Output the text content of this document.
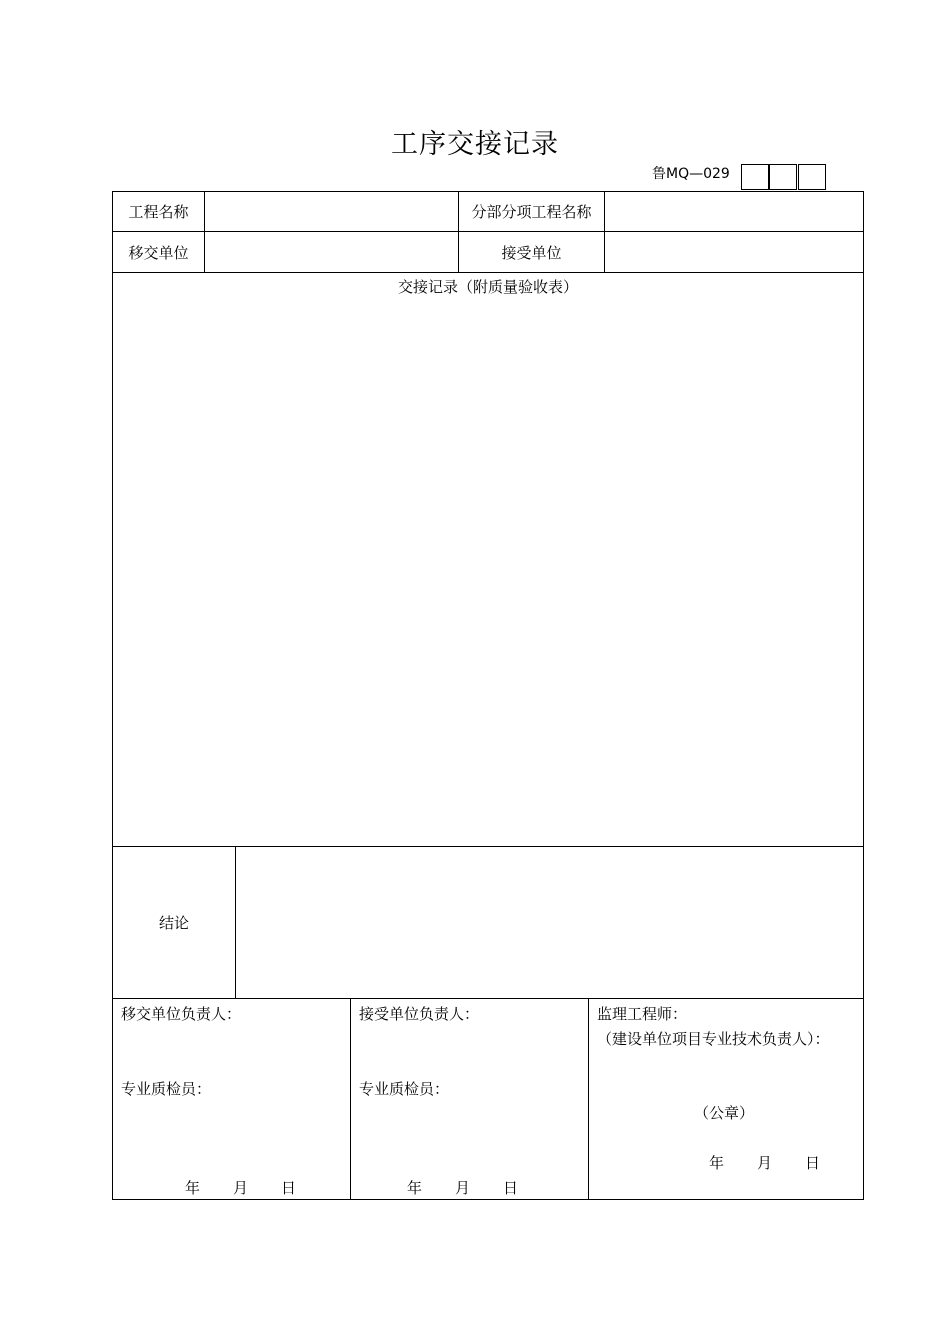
工序交接记录
鲁MQ—029
工程名称	分部分项工程名称
移交单位	接受单位
交接记录（附质量验收表）
结论
移交单位负责人：
专业质检员：
年 月 日
接受单位负责人：
专业质检员：
年 月 日
监理工程师：
（建设单位项目专业技术负责人）：
（公章）
年 月 日
